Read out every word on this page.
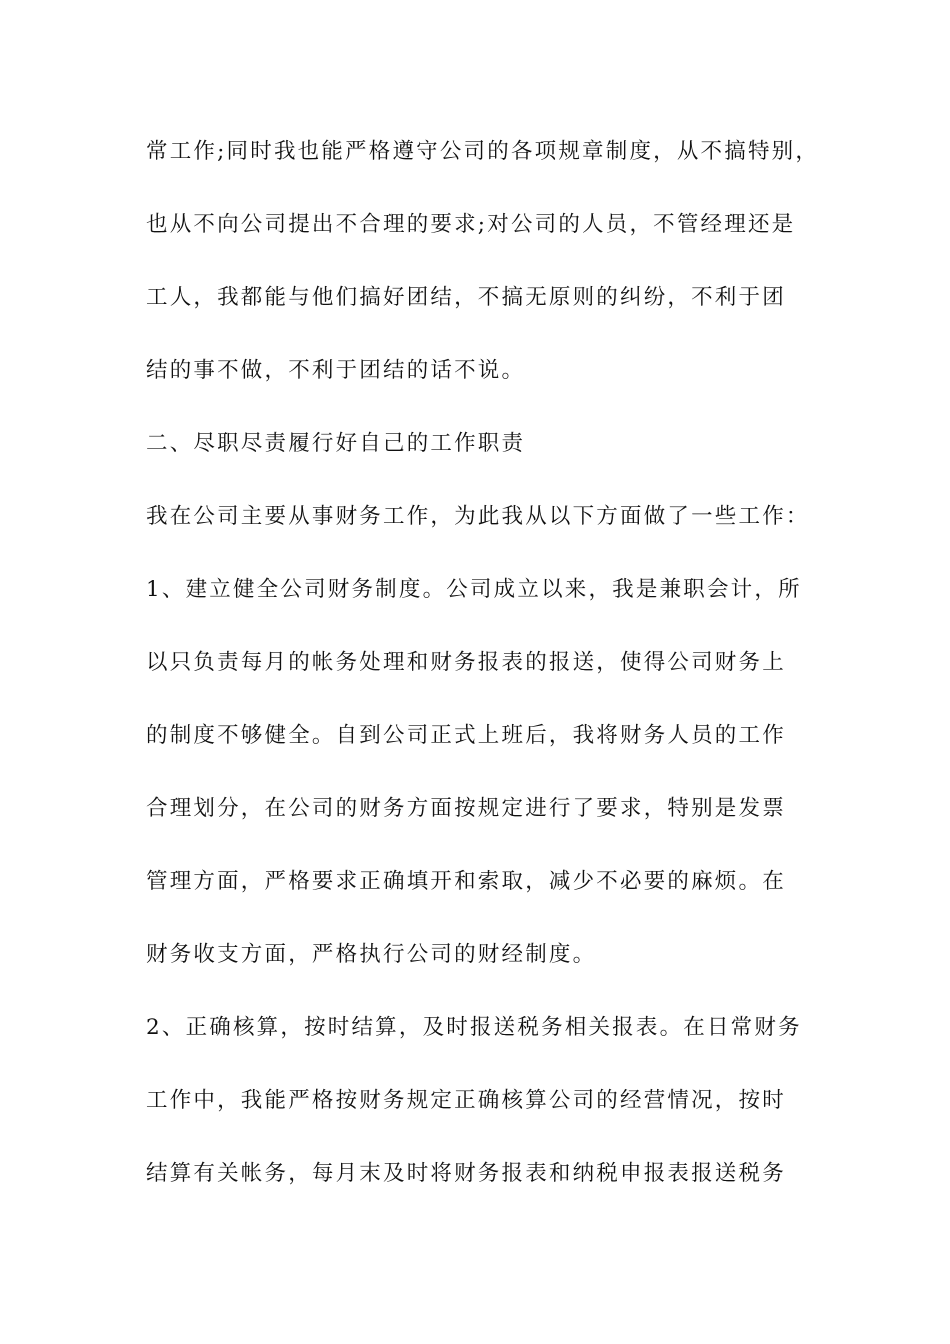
常工作;同时我也能严格遵守公司的各项规章制度，从不搞特别，

也从不向公司提出不合理的要求;对公司的人员，不管经理还是

工人，我都能与他们搞好团结，不搞无原则的纠纷，不利于团

结的事不做，不利于团结的话不说。

二、尽职尽责履行好自己的工作职责

我在公司主要从事财务工作，为此我从以下方面做了一些工作：

1、建立健全公司财务制度。公司成立以来，我是兼职会计，所

以只负责每月的帐务处理和财务报表的报送，使得公司财务上

的制度不够健全。自到公司正式上班后，我将财务人员的工作

合理划分，在公司的财务方面按规定进行了要求，特别是发票

管理方面，严格要求正确填开和索取，减少不必要的麻烦。在

财务收支方面，严格执行公司的财经制度。

2、正确核算，按时结算，及时报送税务相关报表。在日常财务

工作中，我能严格按财务规定正确核算公司的经营情况，按时

结算有关帐务，每月末及时将财务报表和纳税申报表报送税务
